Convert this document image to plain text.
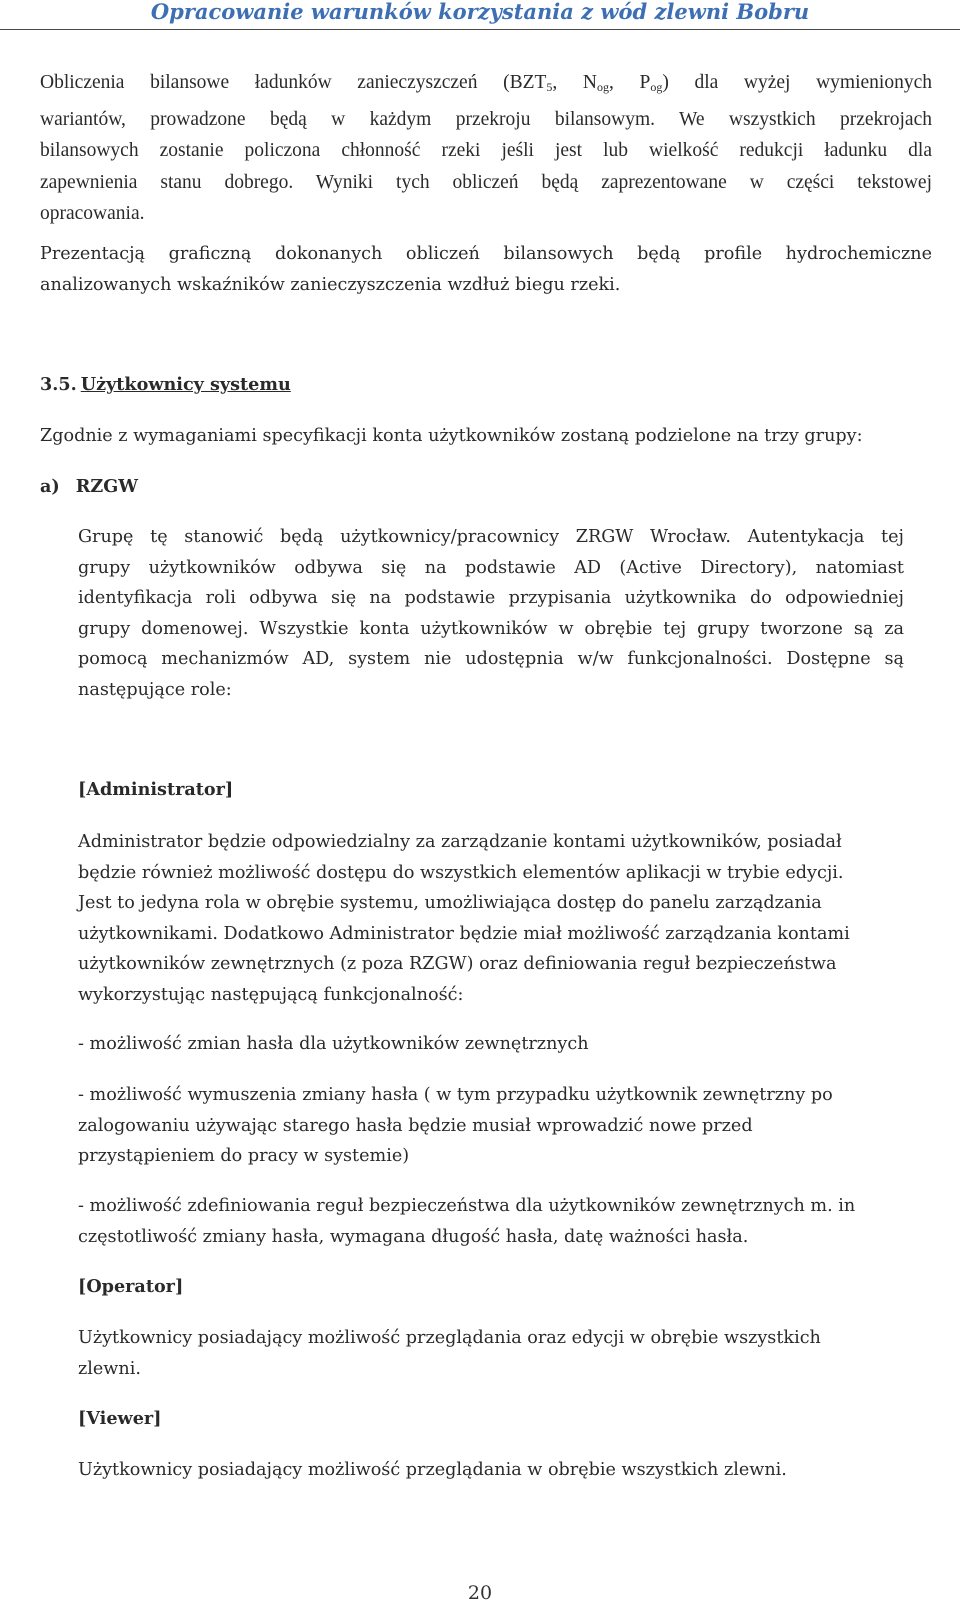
Opracowanie warunków korzystania z wód zlewni Bobru
Obliczenia bilansowe ładunków zanieczyszczeń ($BZT_5$, $N_{og}$, $P_{og}$) dla wyżej wymienionych
wariantów, prowadzone będą w każdym przekroju bilansowym. We wszystkich przekrojach
bilansowych zostanie policzona chłonność rzeki jeśli jest lub wielkość redukcji ładunku dla
zapewnienia stanu dobrego. Wyniki tych obliczeń będą zaprezentowane w części tekstowej
opracowania.
Prezentacją graficzną dokonanych obliczeń bilansowych będą profile hydrochemiczne
analizowanych wskaźników zanieczyszczenia wzdłuż biegu rzeki.
3.5. Użytkownicy systemu
Zgodnie z wymaganiami specyfikacji konta użytkowników zostaną podzielone na trzy grupy:
a) RZGW
Grupę tę stanowić będą użytkownicy/pracownicy ZRGW Wrocław. Autentykacja tej
grupy użytkowników odbywa się na podstawie AD (Active Directory), natomiast
identyfikacja roli odbywa się na podstawie przypisania użytkownika do odpowiedniej
grupy domenowej. Wszystkie konta użytkowników w obrębie tej grupy tworzone są za
pomocą mechanizmów AD, system nie udostępnia w/w funkcjonalności. Dostępne są
następujące role:
[Administrator]
Administrator będzie odpowiedzialny za zarządzanie kontami użytkowników, posiadał
będzie również możliwość dostępu do wszystkich elementów aplikacji w trybie edycji.
Jest to jedyna rola w obrębie systemu, umożliwiająca dostęp do panelu zarządzania
użytkownikami. Dodatkowo Administrator będzie miał możliwość zarządzania kontami
użytkowników zewnętrznych (z poza RZGW) oraz definiowania reguł bezpieczeństwa
wykorzystując następującą funkcjonalność:
- możliwość zmian hasła dla użytkowników zewnętrznych
- możliwość wymuszenia zmiany hasła ( w tym przypadku użytkownik zewnętrzny po
zalogowaniu używając starego hasła będzie musiał wprowadzić nowe przed
przystąpieniem do pracy w systemie)
- możliwość zdefiniowania reguł bezpieczeństwa dla użytkowników zewnętrznych m. in
częstotliwość zmiany hasła, wymagana długość hasła, datę ważności hasła.
[Operator]
Użytkownicy posiadający możliwość przeglądania oraz edycji w obrębie wszystkich
zlewni.
[Viewer]
Użytkownicy posiadający możliwość przeglądania w obrębie wszystkich zlewni.
20
